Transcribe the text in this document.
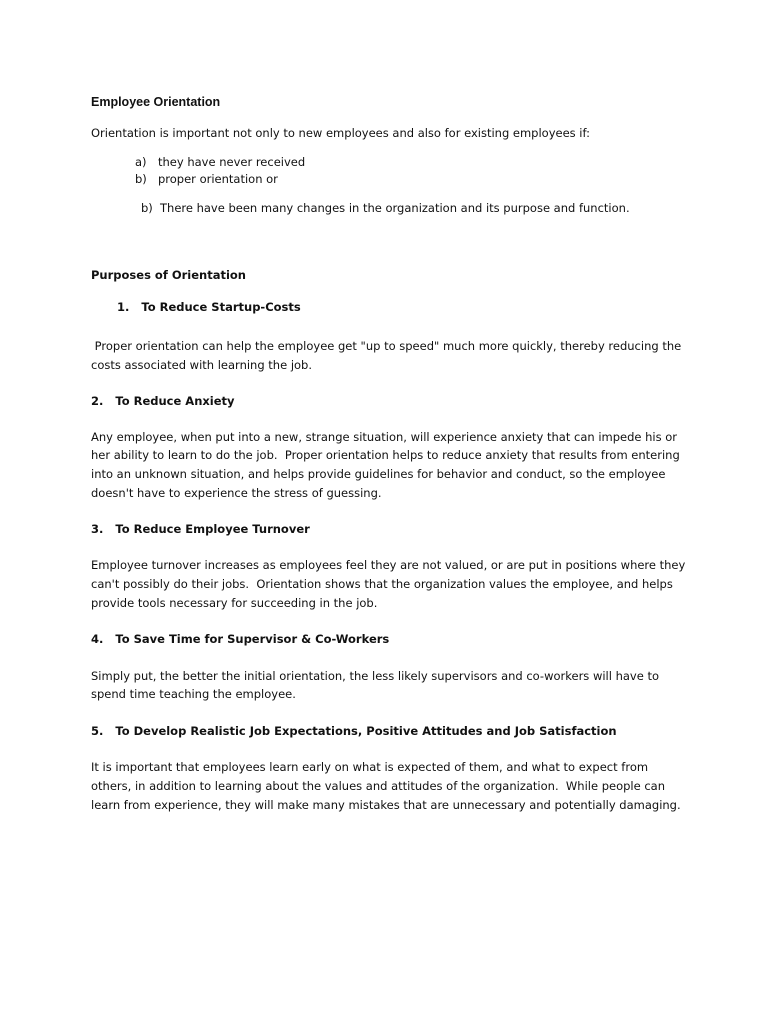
Employee Orientation
Orientation is important not only to new employees and also for existing employees if:
a) they have never received
b) proper orientation or
b) There have been many changes in the organization and its purpose and function.
Purposes of Orientation
1.   To Reduce Startup-Costs
Proper orientation can help the employee get "up to speed" much more quickly, thereby reducing the
costs associated with learning the job.
2.   To Reduce Anxiety
Any employee, when put into a new, strange situation, will experience anxiety that can impede his or
her ability to learn to do the job.  Proper orientation helps to reduce anxiety that results from entering
into an unknown situation, and helps provide guidelines for behavior and conduct, so the employee
doesn't have to experience the stress of guessing.
3.   To Reduce Employee Turnover
Employee turnover increases as employees feel they are not valued, or are put in positions where they
can't possibly do their jobs.  Orientation shows that the organization values the employee, and helps
provide tools necessary for succeeding in the job.
4.   To Save Time for Supervisor & Co-Workers
Simply put, the better the initial orientation, the less likely supervisors and co-workers will have to
spend time teaching the employee.
5.   To Develop Realistic Job Expectations, Positive Attitudes and Job Satisfaction
It is important that employees learn early on what is expected of them, and what to expect from
others, in addition to learning about the values and attitudes of the organization.  While people can
learn from experience, they will make many mistakes that are unnecessary and potentially damaging.
